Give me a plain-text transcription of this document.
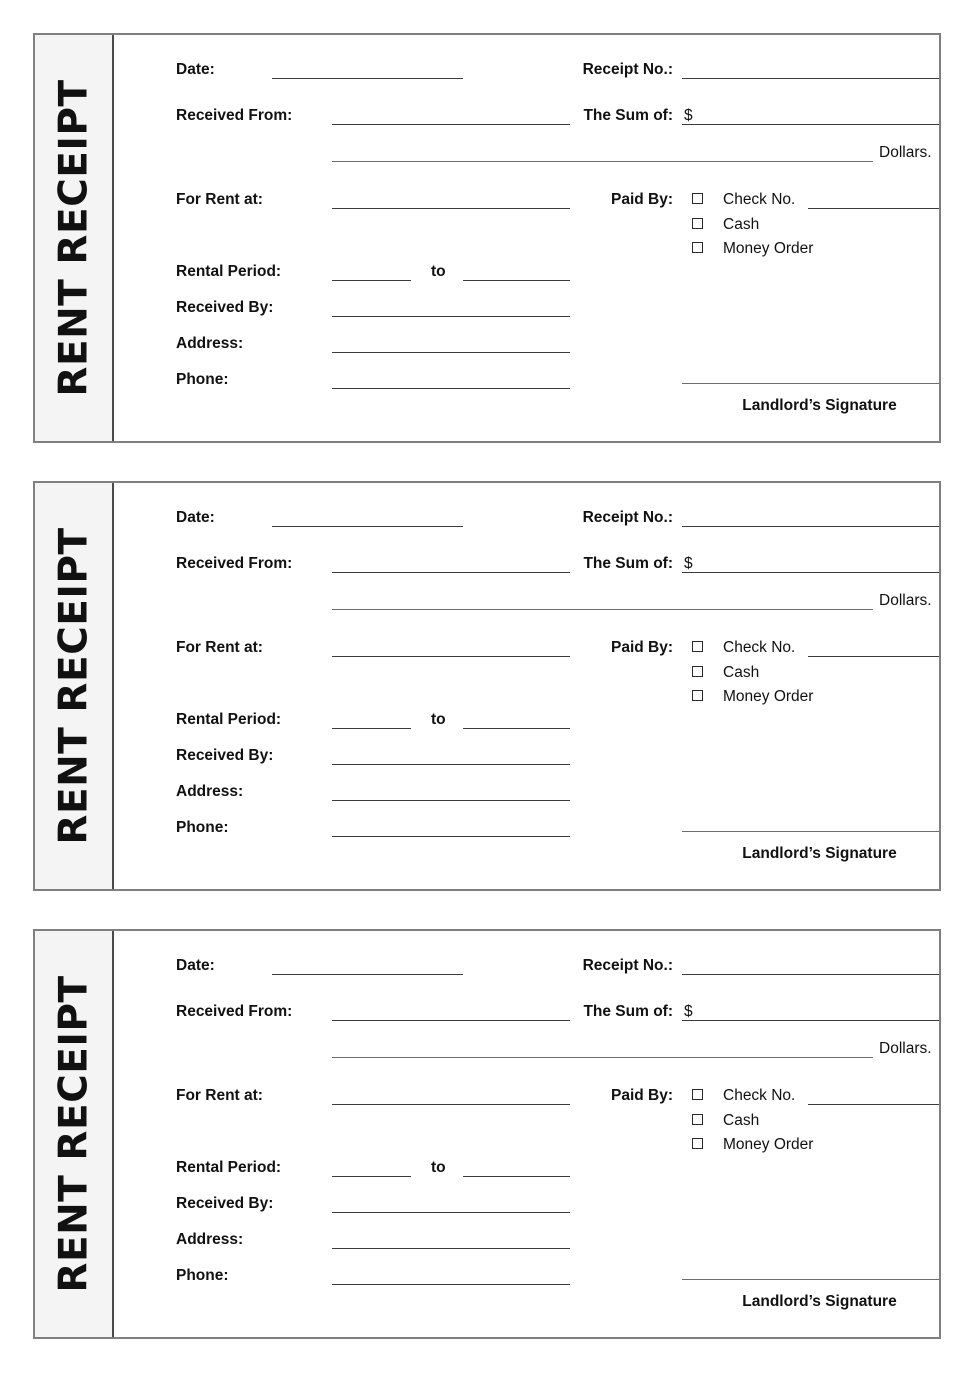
RENT RECEIPT
Date:
Received From:
For Rent at:
Rental Period:
Received By:
Address:
Phone:
to
Receipt No.:
The Sum of:
Paid By:
$
Dollars.
Check No.
Cash
Money Order
Landlord’s Signature
RENT RECEIPT
Date:
Received From:
For Rent at:
Rental Period:
Received By:
Address:
Phone:
to
Receipt No.:
The Sum of:
Paid By:
$
Dollars.
Check No.
Cash
Money Order
Landlord’s Signature
RENT RECEIPT
Date:
Received From:
For Rent at:
Rental Period:
Received By:
Address:
Phone:
to
Receipt No.:
The Sum of:
Paid By:
$
Dollars.
Check No.
Cash
Money Order
Landlord’s Signature
